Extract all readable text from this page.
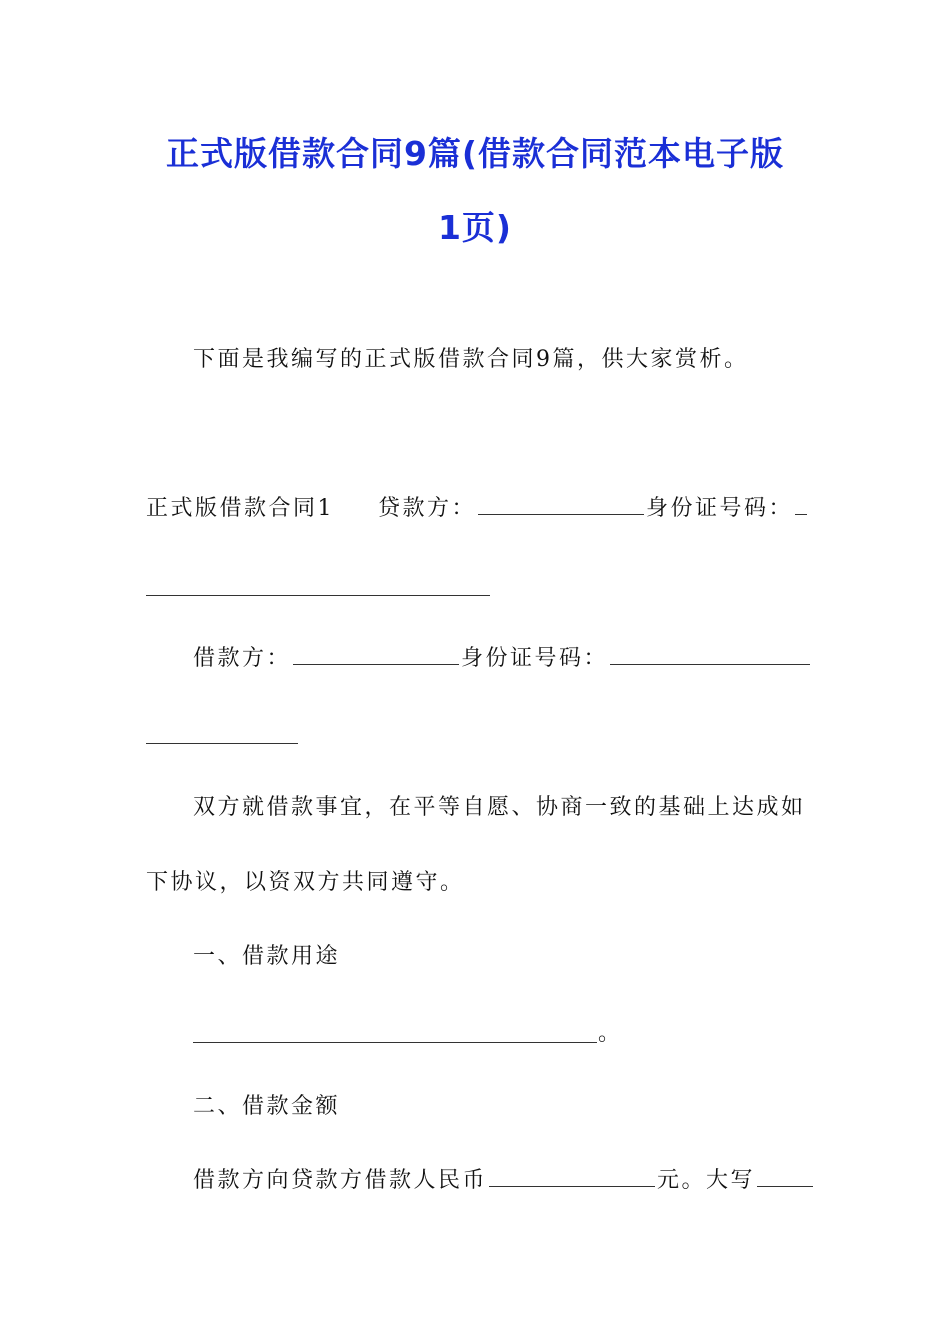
正式版借款合同9篇(借款合同范本电子版
1页)
下面是我编写的正式版借款合同9篇，供大家赏析。
正式版借款合同1 贷款方：	身份证号码：
借款方：	身份证号码：
双方就借款事宜，在平等自愿、协商一致的基础上达成如
下协议，以资双方共同遵守。
一、借款用途
。
二、借款金额
借款方向贷款方借款人民币	元。大写
